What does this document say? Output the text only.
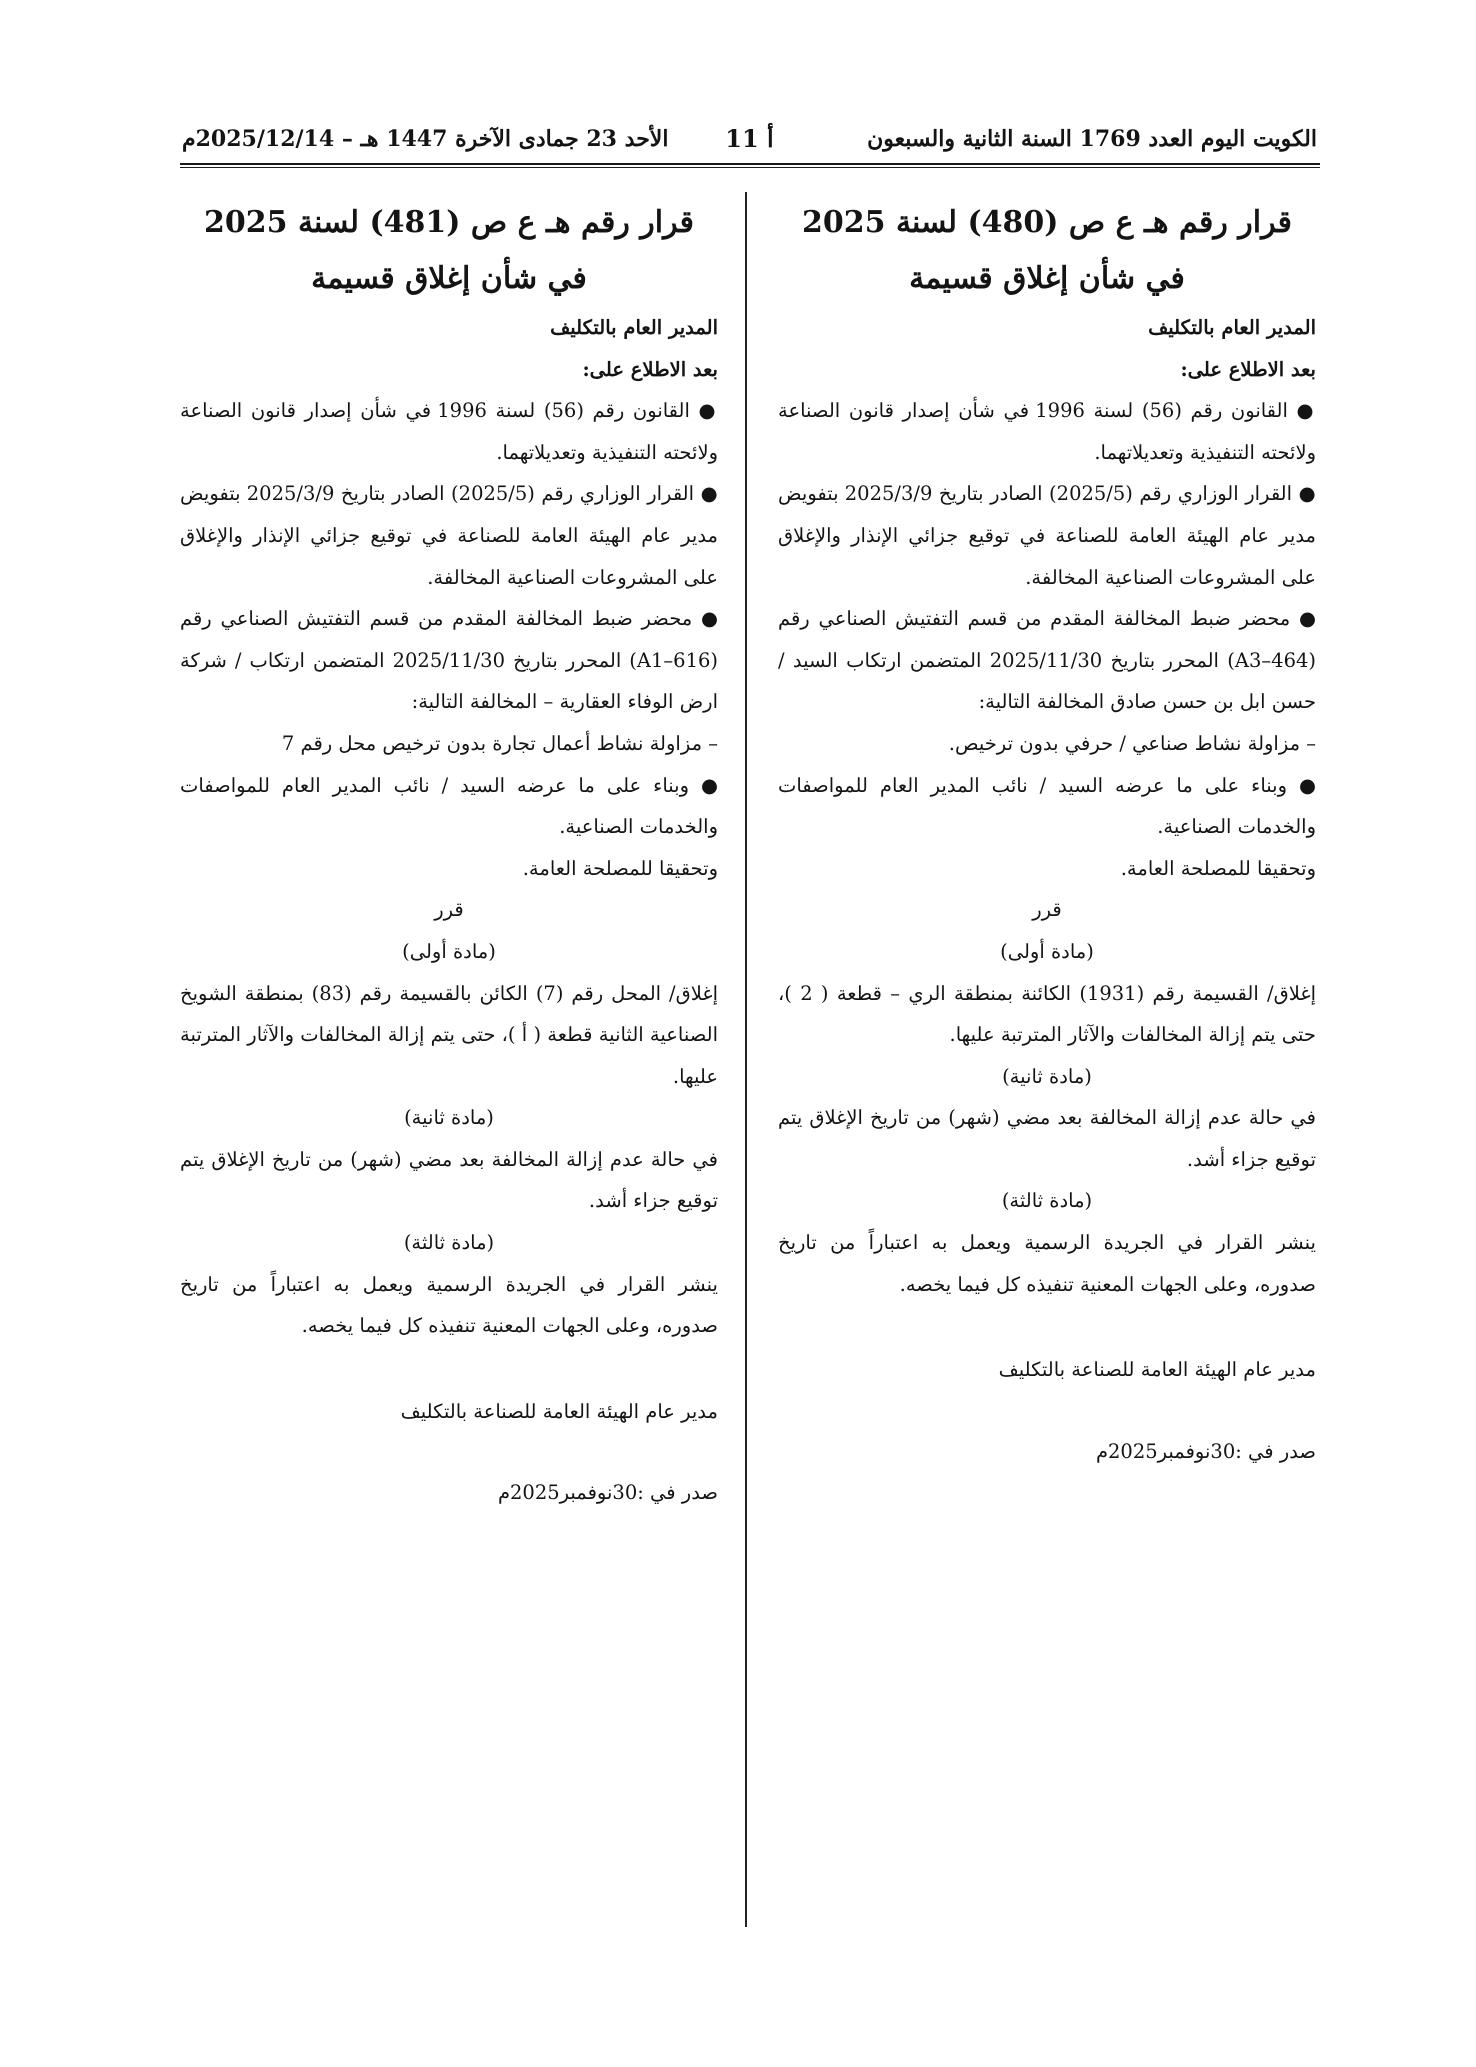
الكويت اليوم العدد 1769 السنة الثانية والسبعون
أ 11
الأحد 23 جمادى الآخرة 1447 هـ – 2025/12/14م
قرار رقم هـ ع ص (480) لسنة 2025
في شأن إغلاق قسيمة

المدير العام بالتكليف

بعد الاطلاع على:

● القانون رقم (56) لسنة 1996 في شأن إصدار قانون الصناعة ولائحته التنفيذية وتعديلاتهما.

● القرار الوزاري رقم (2025/5) الصادر بتاريخ 2025/3/9 بتفويض مدير عام الهيئة العامة للصناعة في توقيع جزائي الإنذار والإغلاق على المشروعات الصناعية المخالفة.

● محضر ضبط المخالفة المقدم من قسم التفتيش الصناعي رقم (A3–464) المحرر بتاريخ 2025/11/30 المتضمن ارتكاب السيد / حسن ابل بن حسن صادق المخالفة التالية:

– مزاولة نشاط صناعي / حرفي بدون ترخيص.

● وبناء على ما عرضه السيد / نائب المدير العام للمواصفات والخدمات الصناعية.

وتحقيقا للمصلحة العامة.

قرر

(مادة أولى)

إغلاق/ القسيمة رقم (1931) الكائنة بمنطقة الري – قطعة ( 2 )، حتى يتم إزالة المخالفات والآثار المترتبة عليها.

(مادة ثانية)

في حالة عدم إزالة المخالفة بعد مضي (شهر) من تاريخ الإغلاق يتم توقيع جزاء أشد.

(مادة ثالثة)

ينشر القرار في الجريدة الرسمية ويعمل به اعتباراً من تاريخ صدوره، وعلى الجهات المعنية تنفيذه كل فيما يخصه.

مدير عام الهيئة العامة للصناعة بالتكليف

صدر في :30نوفمبر2025م

قرار رقم هـ ع ص (481) لسنة 2025
في شأن إغلاق قسيمة

المدير العام بالتكليف

بعد الاطلاع على:

● القانون رقم (56) لسنة 1996 في شأن إصدار قانون الصناعة ولائحته التنفيذية وتعديلاتهما.

● القرار الوزاري رقم (2025/5) الصادر بتاريخ 2025/3/9 بتفويض مدير عام الهيئة العامة للصناعة في توقيع جزائي الإنذار والإغلاق على المشروعات الصناعية المخالفة.

● محضر ضبط المخالفة المقدم من قسم التفتيش الصناعي رقم (A1–616) المحرر بتاريخ 2025/11/30 المتضمن ارتكاب / شركة ارض الوفاء العقارية – المخالفة التالية:

– مزاولة نشاط أعمال تجارة بدون ترخيص محل رقم 7

● وبناء على ما عرضه السيد / نائب المدير العام للمواصفات والخدمات الصناعية.

وتحقيقا للمصلحة العامة.

قرر

(مادة أولى)

إغلاق/ المحل رقم (7) الكائن بالقسيمة رقم (83) بمنطقة الشويخ الصناعية الثانية قطعة ( أ )، حتى يتم إزالة المخالفات والآثار المترتبة عليها.

(مادة ثانية)

في حالة عدم إزالة المخالفة بعد مضي (شهر) من تاريخ الإغلاق يتم توقيع جزاء أشد.

(مادة ثالثة)

ينشر القرار في الجريدة الرسمية ويعمل به اعتباراً من تاريخ صدوره، وعلى الجهات المعنية تنفيذه كل فيما يخصه.

مدير عام الهيئة العامة للصناعة بالتكليف

صدر في :30نوفمبر2025م
